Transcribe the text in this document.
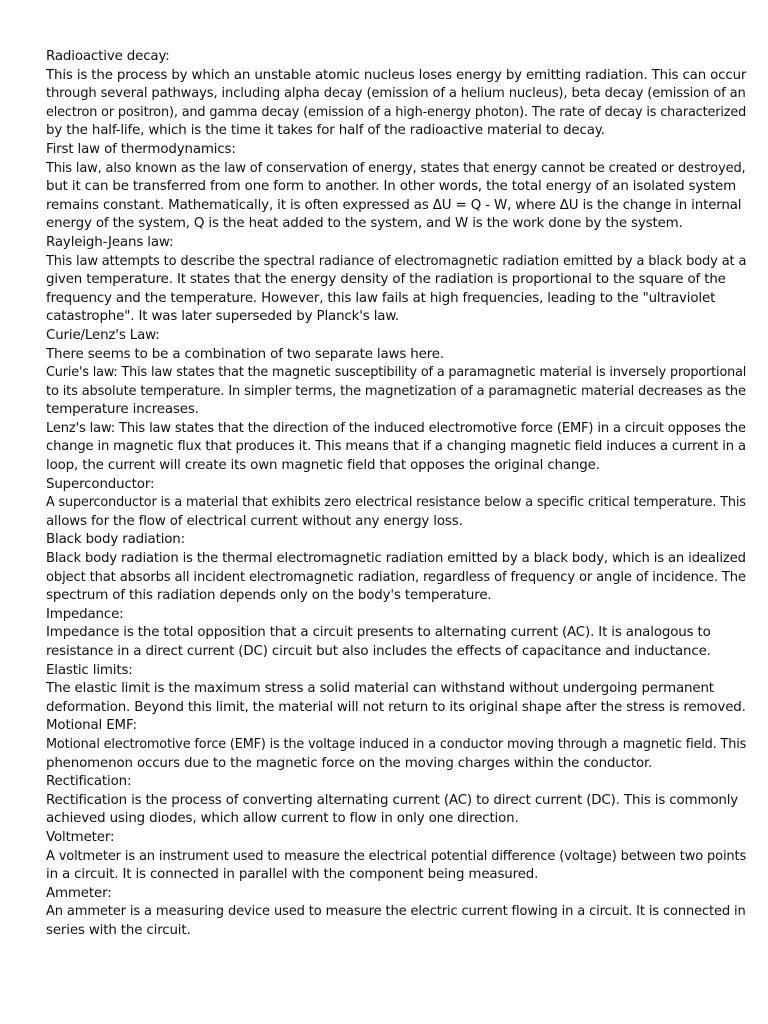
Radioactive decay:

This is the process by which an unstable atomic nucleus loses energy by emitting radiation. This can occur

through several pathways, including alpha decay (emission of a helium nucleus), beta decay (emission of an

electron or positron), and gamma decay (emission of a high-energy photon). The rate of decay is characterized

by the half-life, which is the time it takes for half of the radioactive material to decay.

First law of thermodynamics:

This law, also known as the law of conservation of energy, states that energy cannot be created or destroyed,

but it can be transferred from one form to another. In other words, the total energy of an isolated system

remains constant. Mathematically, it is often expressed as ΔU = Q - W, where ΔU is the change in internal

energy of the system, Q is the heat added to the system, and W is the work done by the system.

Rayleigh-Jeans law:

This law attempts to describe the spectral radiance of electromagnetic radiation emitted by a black body at a

given temperature. It states that the energy density of the radiation is proportional to the square of the

frequency and the temperature. However, this law fails at high frequencies, leading to the "ultraviolet

catastrophe". It was later superseded by Planck's law.

Curie/Lenz's Law:

There seems to be a combination of two separate laws here.

Curie's law: This law states that the magnetic susceptibility of a paramagnetic material is inversely proportional

to its absolute temperature. In simpler terms, the magnetization of a paramagnetic material decreases as the

temperature increases.

Lenz's law: This law states that the direction of the induced electromotive force (EMF) in a circuit opposes the

change in magnetic flux that produces it. This means that if a changing magnetic field induces a current in a

loop, the current will create its own magnetic field that opposes the original change.

Superconductor:

A superconductor is a material that exhibits zero electrical resistance below a specific critical temperature. This

allows for the flow of electrical current without any energy loss.

Black body radiation:

Black body radiation is the thermal electromagnetic radiation emitted by a black body, which is an idealized

object that absorbs all incident electromagnetic radiation, regardless of frequency or angle of incidence. The

spectrum of this radiation depends only on the body's temperature.

Impedance:

Impedance is the total opposition that a circuit presents to alternating current (AC). It is analogous to

resistance in a direct current (DC) circuit but also includes the effects of capacitance and inductance.

Elastic limits:

The elastic limit is the maximum stress a solid material can withstand without undergoing permanent

deformation. Beyond this limit, the material will not return to its original shape after the stress is removed.

Motional EMF:

Motional electromotive force (EMF) is the voltage induced in a conductor moving through a magnetic field. This

phenomenon occurs due to the magnetic force on the moving charges within the conductor.

Rectification:

Rectification is the process of converting alternating current (AC) to direct current (DC). This is commonly

achieved using diodes, which allow current to flow in only one direction.

Voltmeter:

A voltmeter is an instrument used to measure the electrical potential difference (voltage) between two points

in a circuit. It is connected in parallel with the component being measured.

Ammeter:

An ammeter is a measuring device used to measure the electric current flowing in a circuit. It is connected in

series with the circuit.
